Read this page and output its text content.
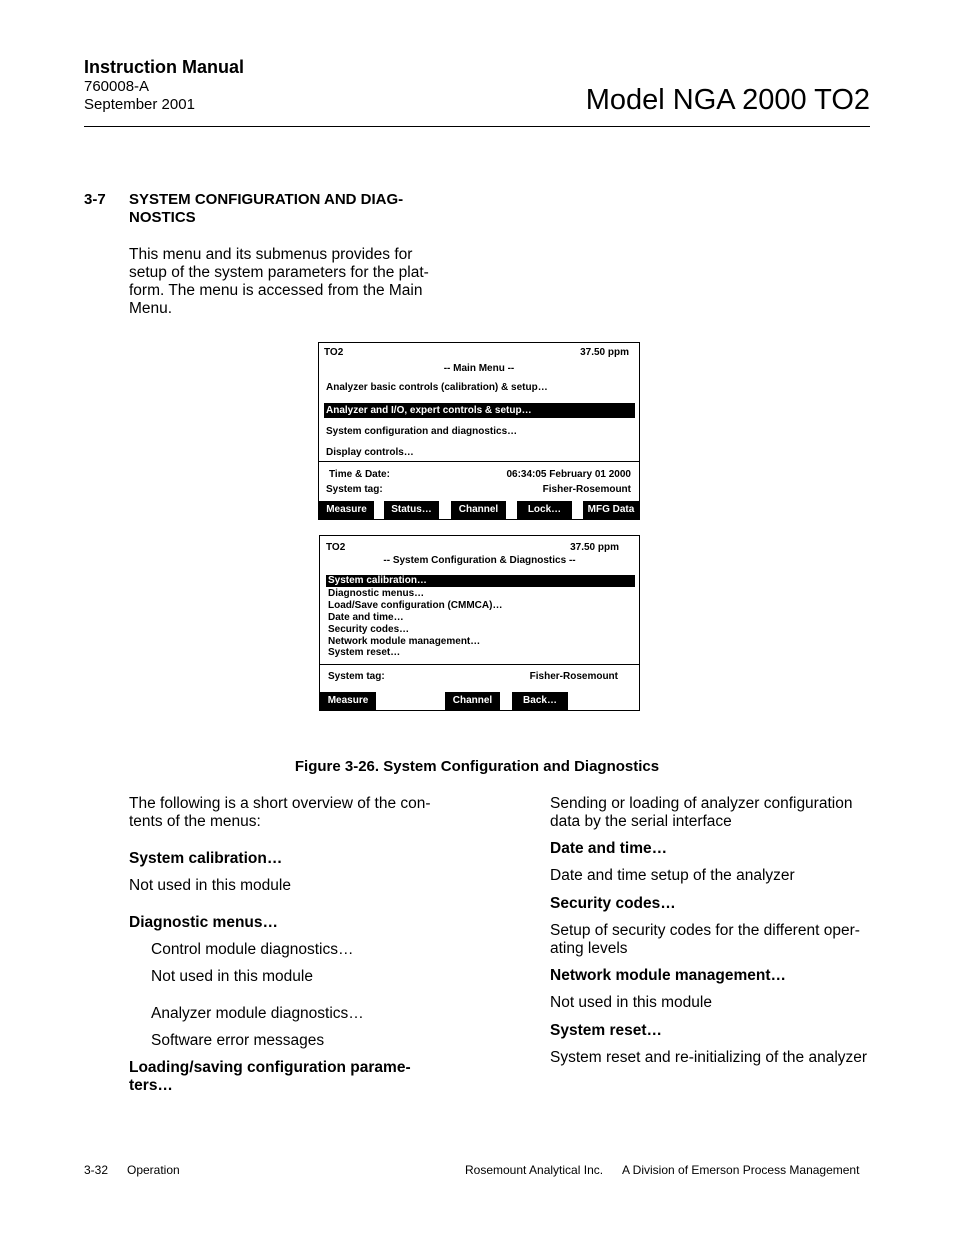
Instruction Manual
760008-A
September 2001	Model NGA 2000 TO2
3-7 SYSTEM CONFIGURATION AND DIAG-
NOSTICS
This menu and its submenus provides for
setup of the system parameters for the plat-
form. The menu is accessed from the Main
Menu.
TO2	37.50 ppm
-- Main Menu --
Analyzer basic controls (calibration) & setup…
Analyzer and I/O, expert controls & setup…
System configuration and diagnostics…
Display controls…
Time & Date:	06:34:05 February 01 2000
System tag:	Fisher-Rosemount
Measure	Status…	Channel	Lock…	MFG Data
TO2	37.50 ppm
-- System Configuration & Diagnostics --
System calibration…
Diagnostic menus…
Load/Save configuration (CMMCA)…
Date and time…
Security codes…
Network module management…
System reset…
System tag:	Fisher-Rosemount
Measure	Channel	Back…
Figure 3-26. System Configuration and Diagnostics
The following is a short overview of the con-
tents of the menus:
System calibration…
Not used in this module
Diagnostic menus…
Control module diagnostics…
Not used in this module
Analyzer module diagnostics…
Software error messages
Loading/saving configuration parame-
ters…
Sending or loading of analyzer configuration
data by the serial interface
Date and time…
Date and time setup of the analyzer
Security codes…
Setup of security codes for the different oper-
ating levels
Network module management…
Not used in this module
System reset…
System reset and re-initializing of the analyzer
3-32 Operation	Rosemount Analytical Inc. A Division of Emerson Process Management
